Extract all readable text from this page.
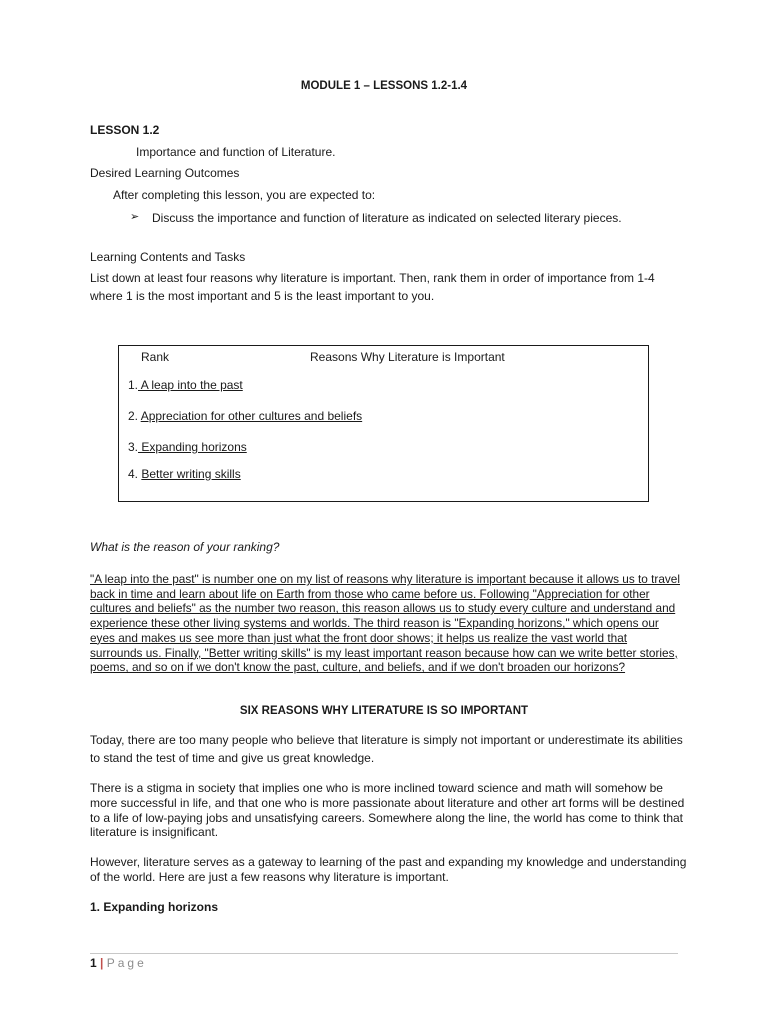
MODULE 1 – LESSONS 1.2-1.4
LESSON 1.2
Importance and function of Literature.
Desired Learning Outcomes
After completing this lesson, you are expected to:
➢ Discuss the importance and function of literature as indicated on selected literary pieces.
Learning Contents and Tasks
List down at least four reasons why literature is important. Then, rank them in order of importance from 1-4 where 1 is the most important and 5 is the least important to you.
Rank	Reasons Why Literature is Important
1. A leap into the past
2. Appreciation for other cultures and beliefs
3. Expanding horizons
4. Better writing skills
What is the reason of your ranking?
"A leap into the past" is number one on my list of reasons why literature is important because it allows us to travel back in time and learn about life on Earth from those who came before us. Following "Appreciation for other cultures and beliefs" as the number two reason, this reason allows us to study every culture and understand and experience these other living systems and worlds. The third reason is "Expanding horizons," which opens our eyes and makes us see more than just what the front door shows; it helps us realize the vast world that surrounds us. Finally, "Better writing skills" is my least important reason because how can we write better stories, poems, and so on if we don't know the past, culture, and beliefs, and if we don't broaden our horizons?
SIX REASONS WHY LITERATURE IS SO IMPORTANT
Today, there are too many people who believe that literature is simply not important or underestimate its abilities to stand the test of time and give us great knowledge.
There is a stigma in society that implies one who is more inclined toward science and math will somehow be more successful in life, and that one who is more passionate about literature and other art forms will be destined to a life of low-paying jobs and unsatisfying careers. Somewhere along the line, the world has come to think that literature is insignificant.
However, literature serves as a gateway to learning of the past and expanding my knowledge and understanding of the world. Here are just a few reasons why literature is important.
1. Expanding horizons
1 | Page
